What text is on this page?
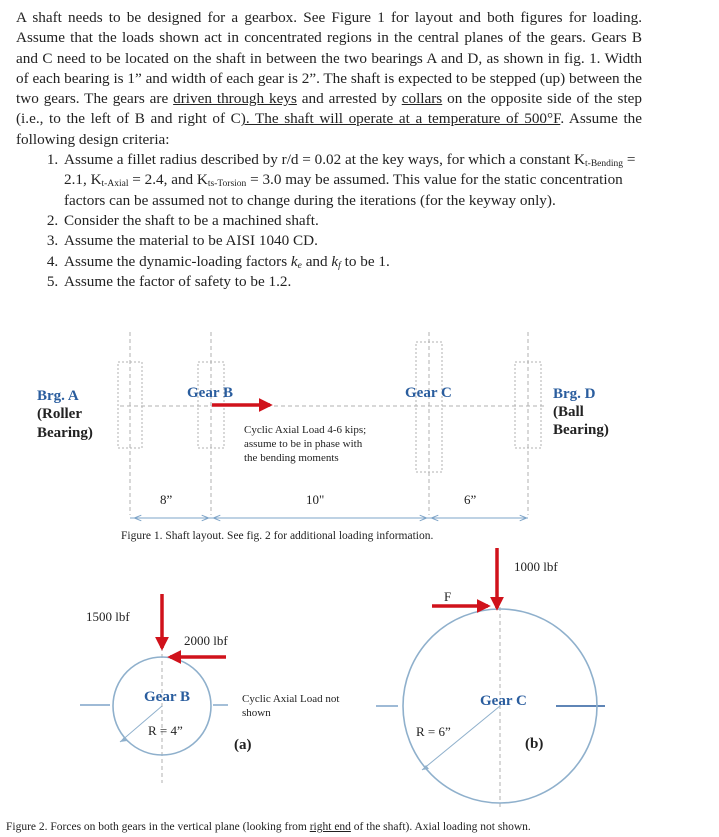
A shaft needs to be designed for a gearbox. See Figure 1 for layout and both figures for loading. Assume that the loads shown act in concentrated regions in the central planes of the gears. Gears B and C need to be located on the shaft in between the two bearings A and D, as shown in fig. 1. Width of each bearing is 1” and width of each gear is 2”. The shaft is expected to be stepped (up) between the two gears. The gears are driven through keys and arrested by collars on the opposite side of the step (i.e., to the left of B and right of C). The shaft will operate at a temperature of 500°F. Assume the following design criteria:

1. Assume a fillet radius described by r/d = 0.02 at the key ways, for which a constant $K_{t-Bending} = 2.1$, $K_{t-Axial} = 2.4$, and $K_{ts-Torsion} = 3.0$ may be assumed. This value for the static concentration factors can be assumed not to change during the iterations (for the keyway only).
2. Consider the shaft to be a machined shaft.
3. Assume the material to be AISI 1040 CD.
4. Assume the dynamic-loading factors $k_e$ and $k_f$ to be 1.
5. Assume the factor of safety to be 1.2.
Brg. A
(Roller
Bearing)
Gear B	Gear C	Brg. D
(Ball
Bearing)
Cyclic Axial Load 4-6 kips;
assume to be in phase with
the bending moments
8”	10"	6”
Figure 1. Shaft layout. See fig. 2 for additional loading information.
1500 lbf
2000 lbf
Gear B
R = 4”
Cyclic Axial Load not
shown
(a)
1000 lbf
F
Gear C
R = 6”
(b)
Figure 2. Forces on both gears in the vertical plane (looking from right end of the shaft). Axial loading not shown.
